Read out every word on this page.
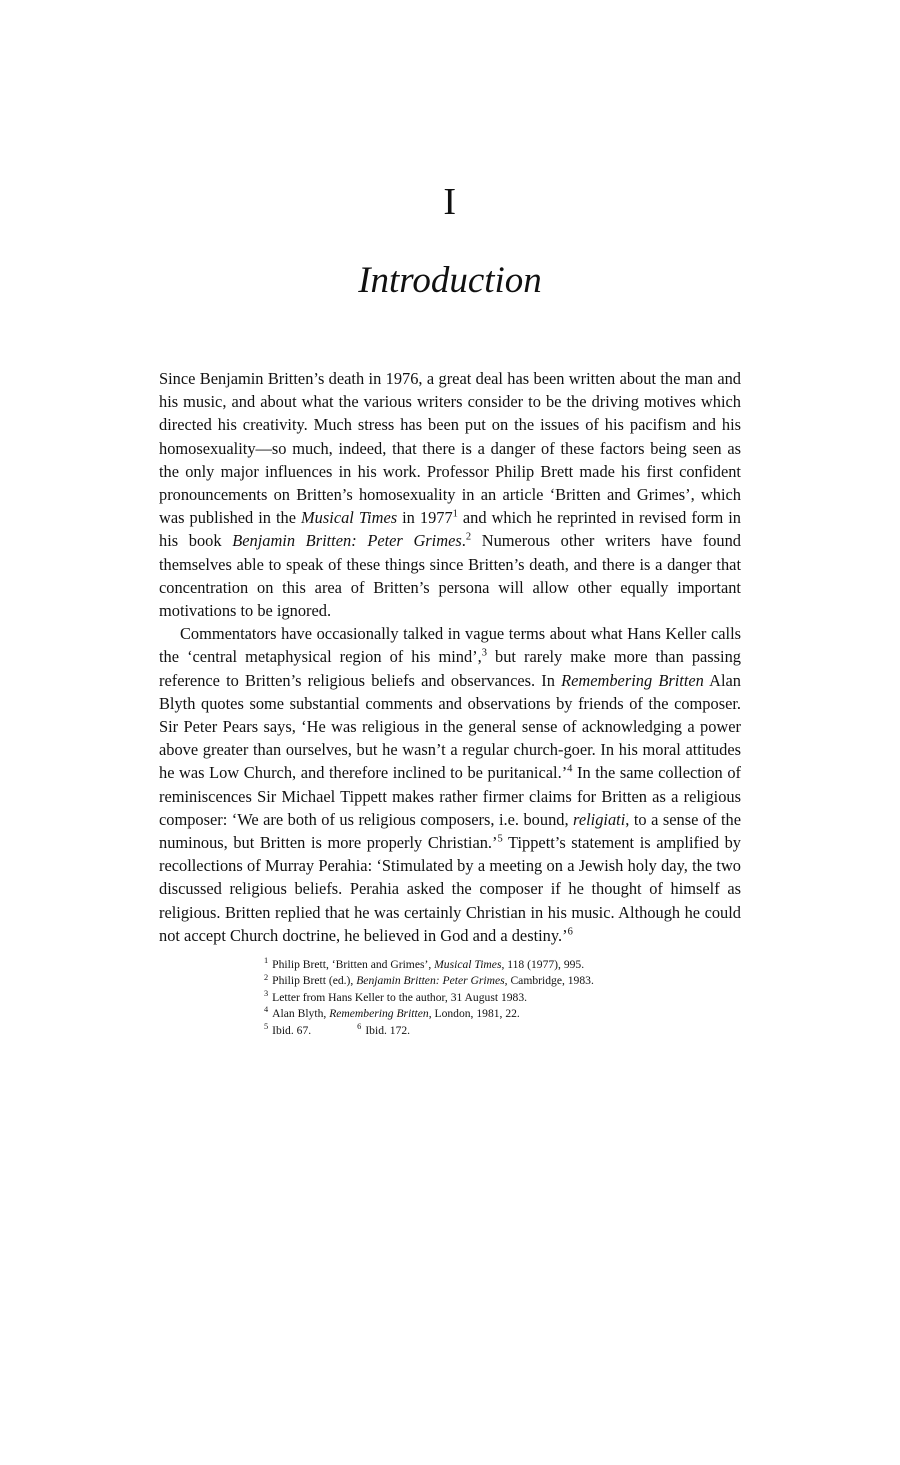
I
Introduction

Since Benjamin Britten’s death in 1976, a great deal has been written about the man and his music, and about what the various writers consider to be the driving motives which directed his creativity. Much stress has been put on the issues of his pacifism and his homosexuality—so much, indeed, that there is a danger of these factors being seen as the only major influences in his work. Professor Philip Brett made his first confident pronouncements on Britten’s homosexuality in an article ‘Britten and Grimes’, which was published in the Musical Times in 1977$^1$ and which he reprinted in revised form in his book Benjamin Britten: Peter Grimes.$^2$ Numerous other writers have found themselves able to speak of these things since Britten’s death, and there is a danger that concentration on this area of Britten’s persona will allow other equally important motivations to be ignored.

Commentators have occasionally talked in vague terms about what Hans Keller calls the ‘central metaphysical region of his mind’,$^3$ but rarely make more than passing reference to Britten’s religious beliefs and observances. In Remembering Britten Alan Blyth quotes some substantial comments and observations by friends of the composer. Sir Peter Pears says, ‘He was religious in the general sense of acknowledging a power above greater than ourselves, but he wasn’t a regular church-goer. In his moral attitudes he was Low Church, and therefore inclined to be puritanical.’$^4$ In the same collection of reminiscences Sir Michael Tippett makes rather firmer claims for Britten as a religious composer: ‘We are both of us religious composers, i.e. bound, religiati, to a sense of the numinous, but Britten is more properly Christian.’$^5$ Tippett’s statement is amplified by recollections of Murray Perahia: ‘Stimulated by a meeting on a Jewish holy day, the two discussed religious beliefs. Perahia asked the composer if he thought of himself as religious. Britten replied that he was certainly Christian in his music. Although he could not accept Church doctrine, he believed in God and a destiny.’$^6$

$^1$ Philip Brett, ‘Britten and Grimes’, Musical Times, 118 (1977), 995.
$^2$ Philip Brett (ed.), Benjamin Britten: Peter Grimes, Cambridge, 1983.
$^3$ Letter from Hans Keller to the author, 31 August 1983.
$^4$ Alan Blyth, Remembering Britten, London, 1981, 22.
$^5$ Ibid. 67.	$^6$ Ibid. 172.
